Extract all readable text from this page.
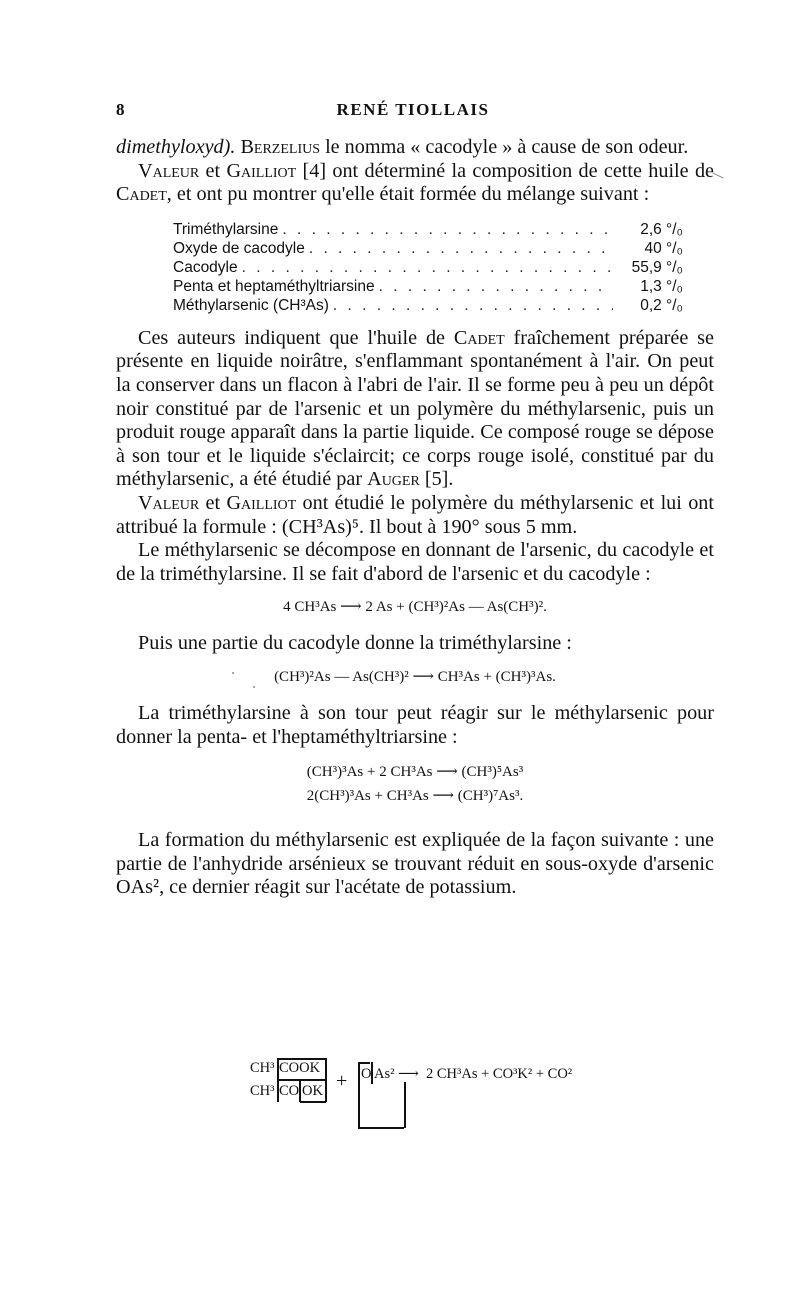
8	RENÉ TIOLLAIS

dimethyloxyd). Berzelius le nomma « cacodyle » à cause de son odeur.

Valeur et Gailliot [4] ont déterminé la composition de cette huile de Cadet, et ont pu montrer qu'elle était formée du mélange suivant :

Triméthylarsine . . .	2,6 °/₀
Oxyde de cacodyle . . .	40 °/₀
Cacodyle . . .	55,9 °/₀
Penta et heptaméthyltriarsine . . .	1,3 °/₀
Méthylarsenic (CH³As) . . .	0,2 °/₀

Ces auteurs indiquent que l'huile de Cadet fraîchement préparée se présente en liquide noirâtre, s'enflammant spontanément à l'air. On peut la conserver dans un flacon à l'abri de l'air. Il se forme peu à peu un dépôt noir constitué par de l'arsenic et un polymère du méthylarsenic, puis un produit rouge apparaît dans la partie liquide. Ce composé rouge se dépose à son tour et le liquide s'éclaircit; ce corps rouge isolé, constitué par du méthylarsenic, a été étudié par Auger [5].

Valeur et Gailliot ont étudié le polymère du méthylarsenic et lui ont attribué la formule : (CH³As)⁵. Il bout à 190° sous 5 mm.

Le méthylarsenic se décompose en donnant de l'arsenic, du cacodyle et de la triméthylarsine. Il se fait d'abord de l'arsenic et du cacodyle :

4 CH³As ⟶ 2 As + (CH³)²As — As(CH³)².

Puis une partie du cacodyle donne la triméthylarsine :

(CH³)²As — As(CH³)² ⟶ CH³As + (CH³)³As.

La triméthylarsine à son tour peut réagir sur le méthylarsenic pour donner la penta- et l'heptaméthyltriarsine :

(CH³)³As + 2 CH³As ⟶ (CH³)⁵As³
2(CH³)³As + CH³As ⟶ (CH³)⁷As³.

La formation du méthylarsenic est expliquée de la façon suivante : une partie de l'anhydride arsénieux se trouvant réduit en sous-oxyde d'arsenic OAs², ce dernier réagit sur l'acétate de potassium.

CH³ COOK
CH³ CO OK + O As² ⟶ 2 CH³As + CO³K² + CO²
